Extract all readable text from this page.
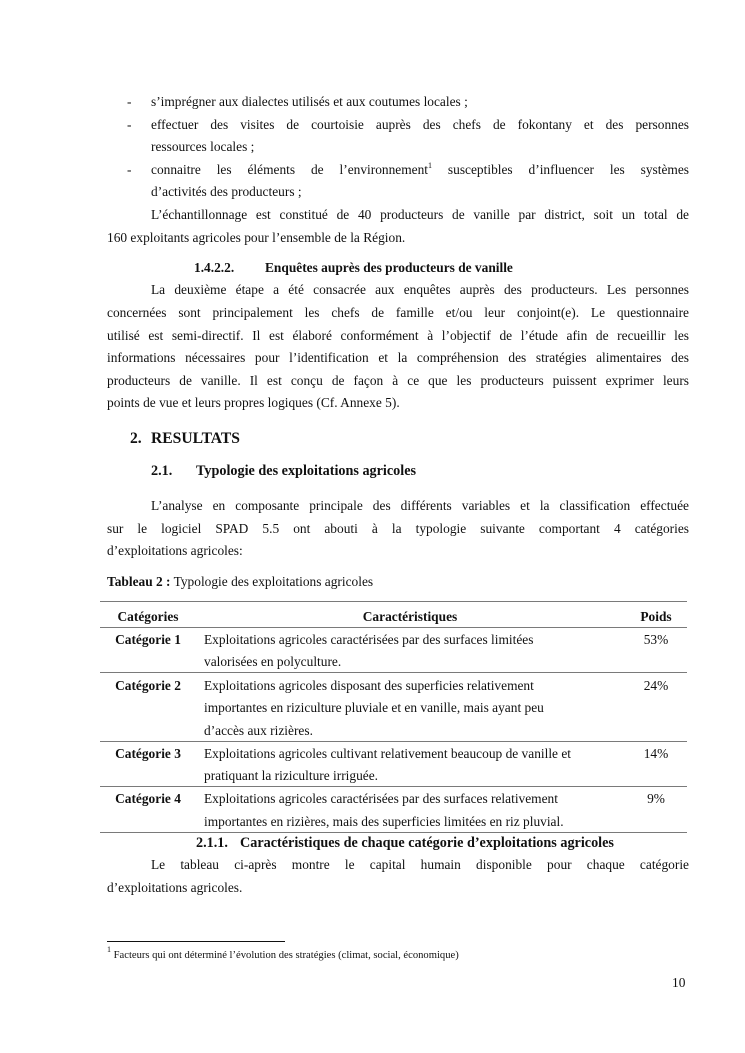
- s’imprégner aux dialectes utilisés et aux coutumes locales ;
- effectuer des visites de courtoisie auprès des chefs de fokontany et des personnes
ressources locales ;
- connaitre les éléments de l’environnement$^1$ susceptibles d’influencer les systèmes
d’activités des producteurs ;
L’échantillonnage est constitué de 40 producteurs de vanille par district, soit un total de
160 exploitants agricoles pour l’ensemble de la Région.
1.4.2.2. Enquêtes auprès des producteurs de vanille
La deuxième étape a été consacrée aux enquêtes auprès des producteurs. Les personnes
concernées sont principalement les chefs de famille et/ou leur conjoint(e). Le questionnaire
utilisé est semi-directif. Il est élaboré conformément à l’objectif de l’étude afin de recueillir les
informations nécessaires pour l’identification et la compréhension des stratégies alimentaires des
producteurs de vanille. Il est conçu de façon à ce que les producteurs puissent exprimer leurs
points de vue et leurs propres logiques (Cf. Annexe 5).
2. RESULTATS
2.1. Typologie des exploitations agricoles
L’analyse en composante principale des différents variables et la classification effectuée
sur le logiciel SPAD 5.5 ont abouti à la typologie suivante comportant 4 catégories
d’exploitations agricoles:
Tableau 2 : Typologie des exploitations agricoles
Catégories	Caractéristiques	Poids
Catégorie 1	Exploitations agricoles caractérisées par des surfaces limitées
valorisées en polyculture.
53%
Catégorie 2	Exploitations agricoles disposant des superficies relativement
importantes en riziculture pluviale et en vanille, mais ayant peu
d’accès aux rizières.
24%
Catégorie 3	Exploitations agricoles cultivant relativement beaucoup de vanille et
pratiquant la riziculture irriguée.
14%
Catégorie 4	Exploitations agricoles caractérisées par des surfaces relativement
importantes en rizières, mais des superficies limitées en riz pluvial.
9%
2.1.1. Caractéristiques de chaque catégorie d’exploitations agricoles
Le tableau ci-après montre le capital humain disponible pour chaque catégorie
d’exploitations agricoles.
$^1$ Facteurs qui ont déterminé l’évolution des stratégies (climat, social, économique)
10
